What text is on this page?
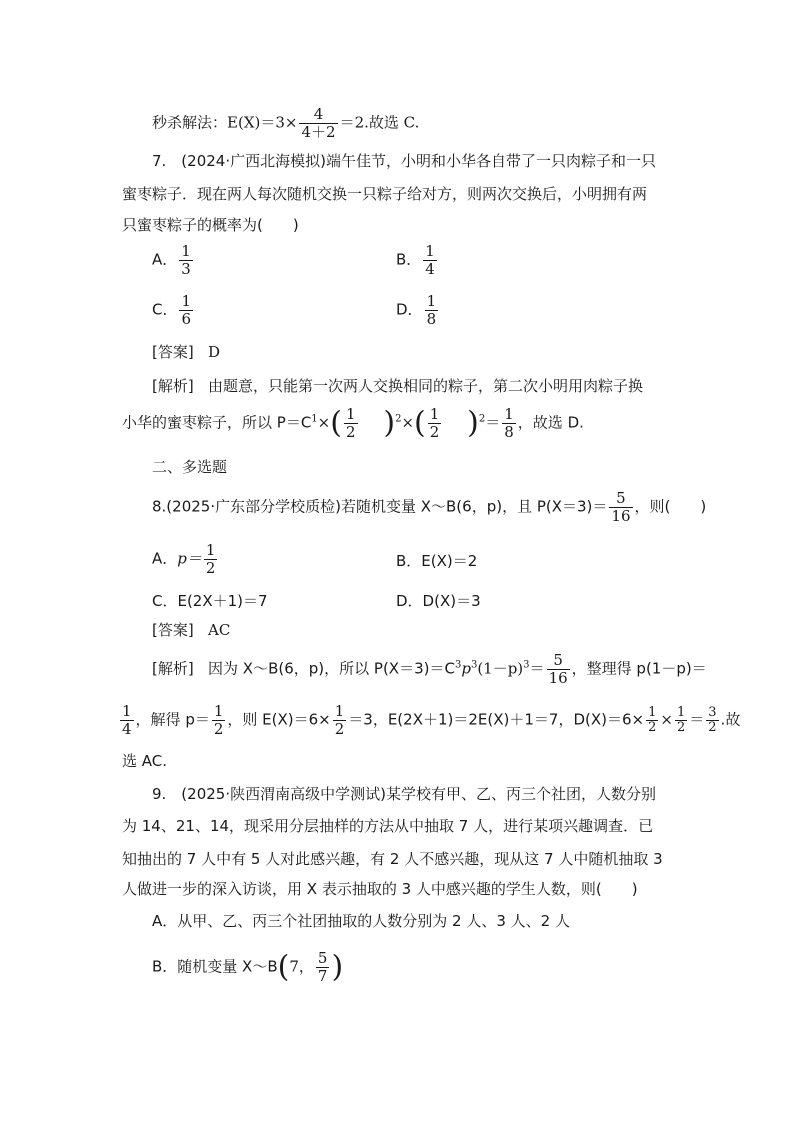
秒杀解法：$E(X)=3\times \frac{4}{4+2} =2$.故选 C.
7.　(2024·广西北海模拟)端午佳节，小明和小华各自带了一只肉粽子和一只
蜜枣粽子．现在两人每次随机交换一只粽子给对方，则两次交换后，小明拥有两
只蜜枣粽子的概率为(　　)
A． $\frac{1}{3}$	B． $\frac{1}{4}$
C． $\frac{1}{6}$	D． $\frac{1}{8}$
[答案] D
[解析] 由题意，只能第一次两人交换相同的粽子，第二次小明用肉粽子换
小华的蜜枣粽子，所以 $P=C^1\times( \frac{1}{2} )^2\times( \frac{1}{2} )^2= \frac{1}{8}$ ，故选 D.
二、多选题
8.(2025·广东部分学校质检)若随机变量 X～B(6，p)，且 $P(X=3)= \frac{5}{16}$ ，则(　　)
A．$p= \frac{1}{2}$	B．E(X)＝2
C．E(2X＋1)＝7	D．D(X)＝3
[答案] AC
[解析] 因为 X～B(6，p)，所以 $P(X=3)=C^3p^3(1-p)^3= \frac{5}{16}$ ，整理得 p(1－p)＝
$\frac{1}{4}$ ，解得 $p= \frac{1}{2}$ ，则 $E(X)=6\times \frac{1}{2} =3$，E(2X＋1)＝2E(X)＋1＝7，$D(X)=6\times \frac{1}{2} \times \frac{1}{2} = \frac{3}{2}$ .故
选 AC.
9.　(2025·陕西渭南高级中学测试)某学校有甲、乙、丙三个社团，人数分别
为 14、21、14，现采用分层抽样的方法从中抽取 7 人，进行某项兴趣调查．已
知抽出的 7 人中有 5 人对此感兴趣，有 2 人不感兴趣，现从这 7 人中随机抽取 3
人做进一步的深入访谈，用 X 表示抽取的 3 人中感兴趣的学生人数，则(　　)
A．从甲、乙、丙三个社团抽取的人数分别为 2 人、3 人、2 人
B．随机变量 X～B(7， $\frac{5}{7}$ )
